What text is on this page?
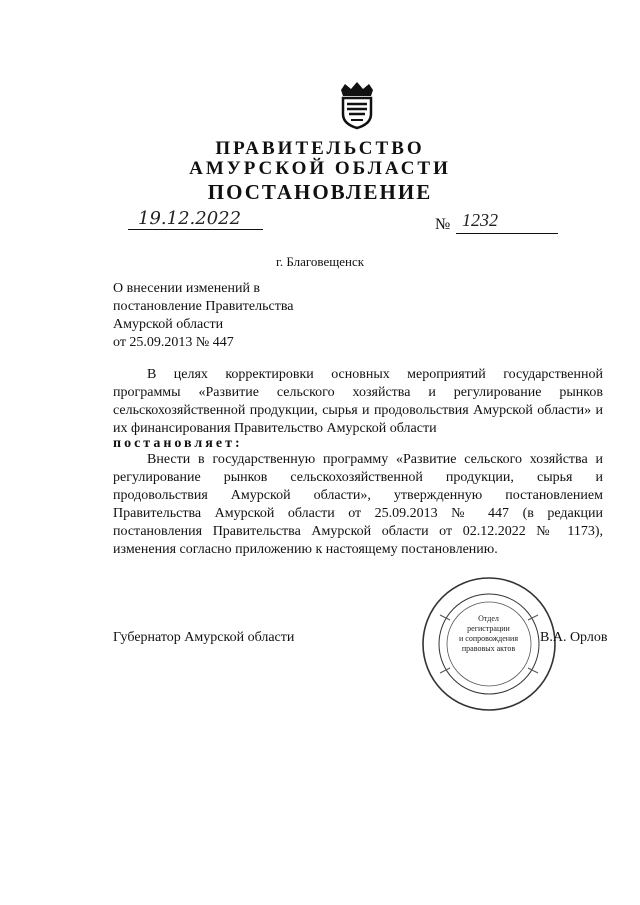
ПРАВИТЕЛЬСТВО
АМУРСКОЙ ОБЛАСТИ
ПОСТАНОВЛЕНИЕ
19.12.2022	№ 1232
г. Благовещенск
О внесении изменений в
постановление Правительства
Амурской области
от 25.09.2013 № 447
В целях корректировки основных мероприятий государственной программы «Развитие сельского хозяйства и регулирование рынков сельскохозяйственной продукции, сырья и продовольствия Амурской области» и их финансирования Правительство Амурской области
постановляет:
Внести в государственную программу «Развитие сельского хозяйства и регулирование рынков сельскохозяйственной продукции, сырья и продовольствия Амурской области», утвержденную постановлением Правительства Амурской области от 25.09.2013 № 447 (в редакции постановления Правительства Амурской области от 02.12.2022 № 1173), изменения согласно приложению к настоящему постановлению.
Губернатор Амурской области
Отдел
регистрации
и сопровождения
правовых актов
В.А. Орлов
